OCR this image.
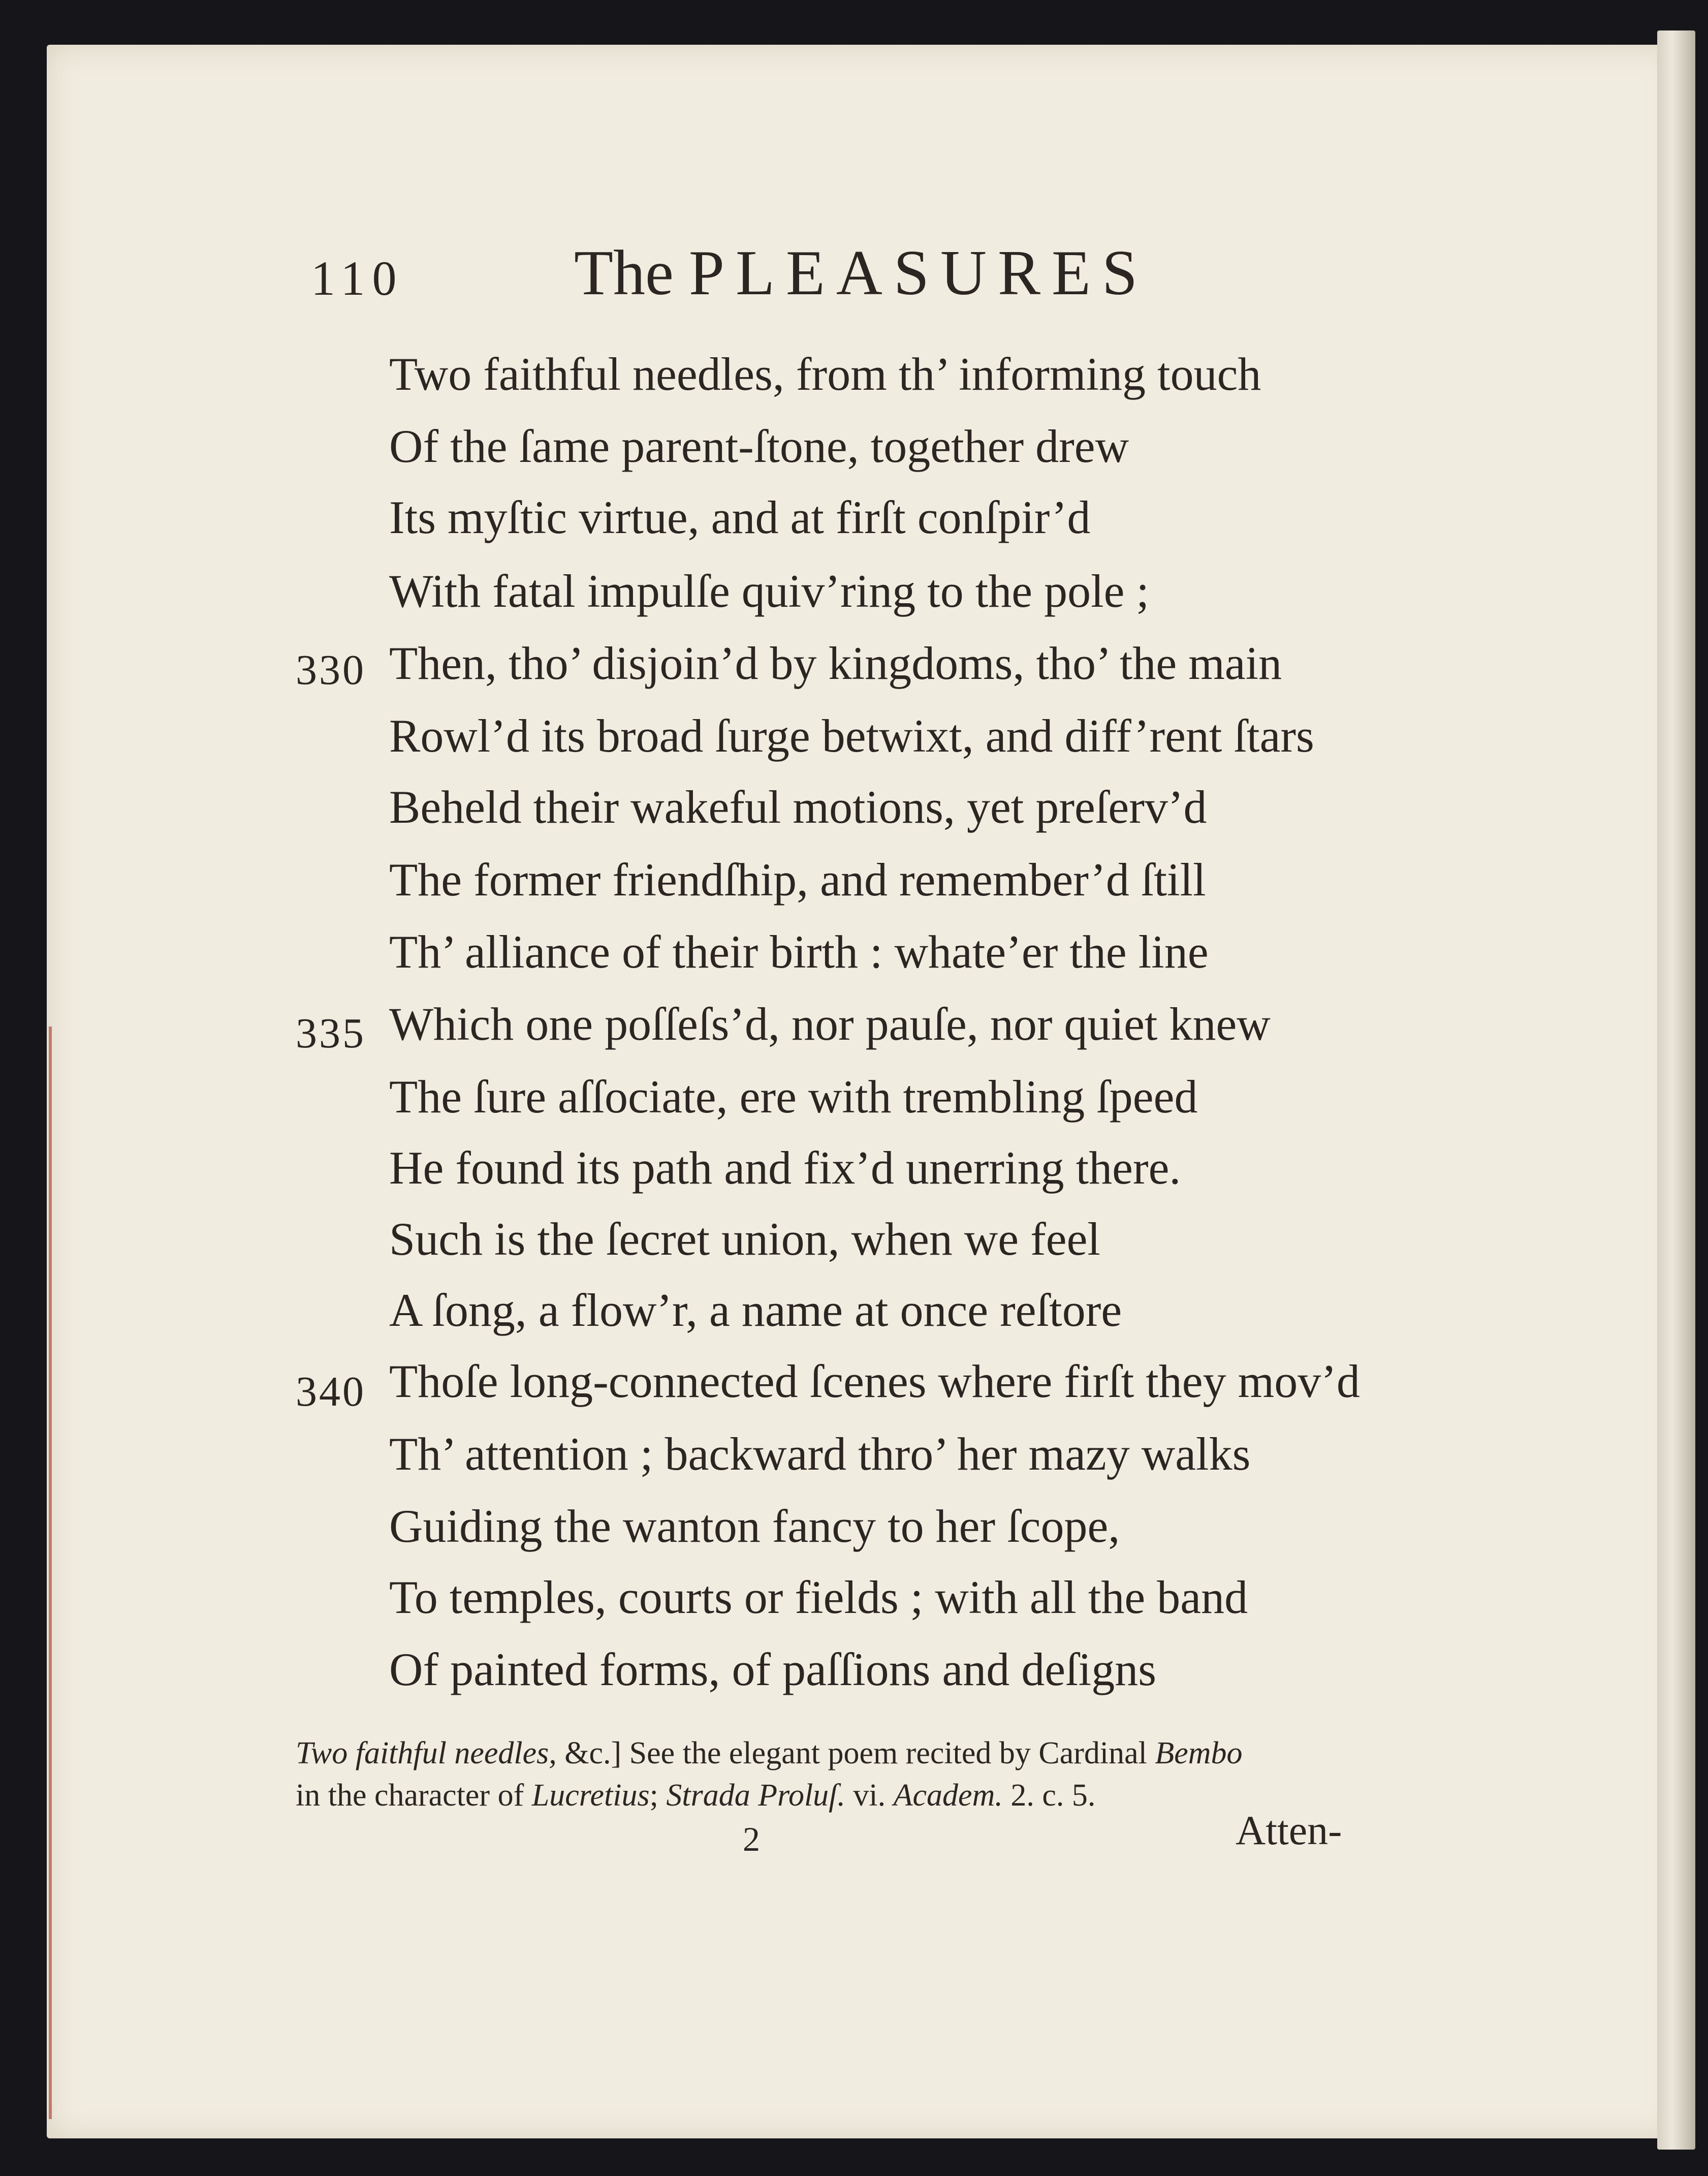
110	The PLEASURES
Two faithful needles, from th’ informing touch
Of the ſame parent-ſtone, together drew
Its myſtic virtue, and at firſt conſpir’d
With fatal impulſe quiv’ring to the pole ;
Then, tho’ disjoin’d by kingdoms, tho’ the main
330
Rowl’d its broad ſurge betwixt, and diff’rent ſtars
Beheld their wakeful motions, yet preſerv’d
The former friendſhip, and remember’d ſtill
Th’ alliance of their birth : whate’er the line
Which one poſſeſs’d, nor pauſe, nor quiet knew
335
The ſure aſſociate, ere with trembling ſpeed
He found its path and fix’d unerring there.
Such is the ſecret union, when we feel
A ſong, a flow’r, a name at once reſtore
Thoſe long-connected ſcenes where firſt they mov’d
340
Th’ attention ; backward thro’ her mazy walks
Guiding the wanton fancy to her ſcope,
To temples, courts or fields ; with all the band
Of painted forms, of paſſions and deſigns
Two faithful needles, &c.] See the elegant poem recited by Cardinal Bembo
in the character of Lucretius; Strada Proluſ. vi. Academ. 2. c. 5.
2	Atten-
